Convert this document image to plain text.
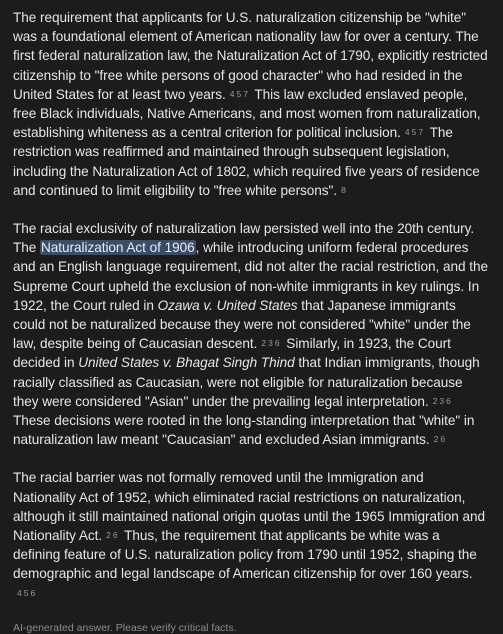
The requirement that applicants for U.S. naturalization citizenship be "white" was a foundational element of American nationality law for over a century. The first federal naturalization law, the Naturalization Act of 1790, explicitly restricted citizenship to "free white persons of good character" who had resided in the United States for at least two years. 4 5 7 This law excluded enslaved people, free Black individuals, Native Americans, and most women from naturalization, establishing whiteness as a central criterion for political inclusion. 4 5 7 The restriction was reaffirmed and maintained through subsequent legislation, including the Naturalization Act of 1802, which required five years of residence and continued to limit eligibility to "free white persons". 8

The racial exclusivity of naturalization law persisted well into the 20th century. The Naturalization Act of 1906, while introducing uniform federal procedures and an English language requirement, did not alter the racial restriction, and the Supreme Court upheld the exclusion of non-white immigrants in key rulings. In 1922, the Court ruled in Ozawa v. United States that Japanese immigrants could not be naturalized because they were not considered "white" under the law, despite being of Caucasian descent. 2 3 6 Similarly, in 1923, the Court decided in United States v. Bhagat Singh Thind that Indian immigrants, though racially classified as Caucasian, were not eligible for naturalization because they were considered "Asian" under the prevailing legal interpretation. 2 3 6 These decisions were rooted in the long-standing interpretation that "white" in naturalization law meant "Caucasian" and excluded Asian immigrants. 2 6

The racial barrier was not formally removed until the Immigration and Nationality Act of 1952, which eliminated racial restrictions on naturalization, although it still maintained national origin quotas until the 1965 Immigration and Nationality Act. 2 6 Thus, the requirement that applicants be white was a defining feature of U.S. naturalization policy from 1790 until 1952, shaping the demographic and legal landscape of American citizenship for over 160 years.4 5 6

AI-generated answer. Please verify critical facts.
